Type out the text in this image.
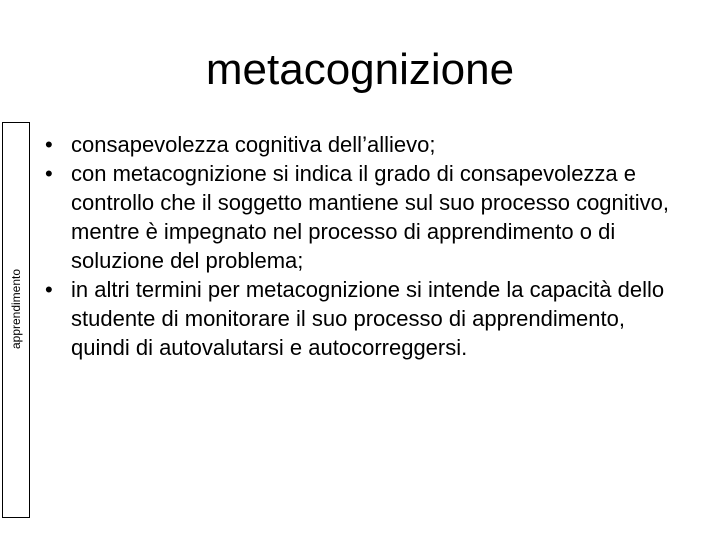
metacognizione
apprendimento
• consapevolezza cognitiva dell’allievo;
• con metacognizione si indica il grado di consapevolezza e controllo che il soggetto mantiene sul suo processo cognitivo, mentre è impegnato nel processo di apprendimento o di soluzione del problema;
• in altri termini per metacognizione si intende la capacità dello studente di monitorare il suo processo di apprendimento, quindi di autovalutarsi e autocorreggersi.
